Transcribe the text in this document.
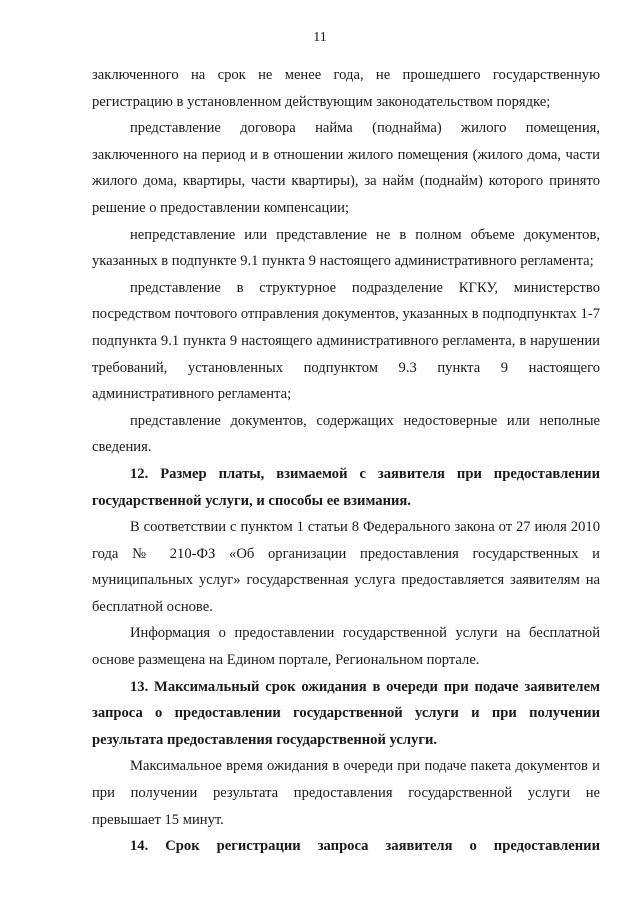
11

заключенного на срок не менее года, не прошедшего государственную регистрацию в установленном действующим законодательством порядке;

представление договора найма (поднайма) жилого помещения, заключенного на период и в отношении жилого помещения (жилого дома, части жилого дома, квартиры, части квартиры), за найм (поднайм) которого принято решение о предоставлении компенсации;

непредставление или представление не в полном объеме документов, указанных в подпункте 9.1 пункта 9 настоящего административного регламента;

представление в структурное подразделение КГКУ, министерство посредством почтового отправления документов, указанных в подподпунктах 1-7 подпункта 9.1 пункта 9 настоящего административного регламента, в нарушении требований, установленных подпунктом 9.3 пункта 9 настоящего административного регламента;

представление документов, содержащих недостоверные или неполные сведения.

12. Размер платы, взимаемой с заявителя при предоставлении государственной услуги, и способы ее взимания.

В соответствии с пунктом 1 статьи 8 Федерального закона от 27 июля 2010 года № 210-ФЗ «Об организации предоставления государственных и муниципальных услуг» государственная услуга предоставляется заявителям на бесплатной основе.

Информация о предоставлении государственной услуги на бесплатной основе размещена на Едином портале, Региональном портале.

13. Максимальный срок ожидания в очереди при подаче заявителем запроса о предоставлении государственной услуги и при получении результата предоставления государственной услуги.

Максимальное время ожидания в очереди при подаче пакета документов и при получении результата предоставления государственной услуги не превышает 15 минут.

14. Срок регистрации запроса заявителя о предоставлении
